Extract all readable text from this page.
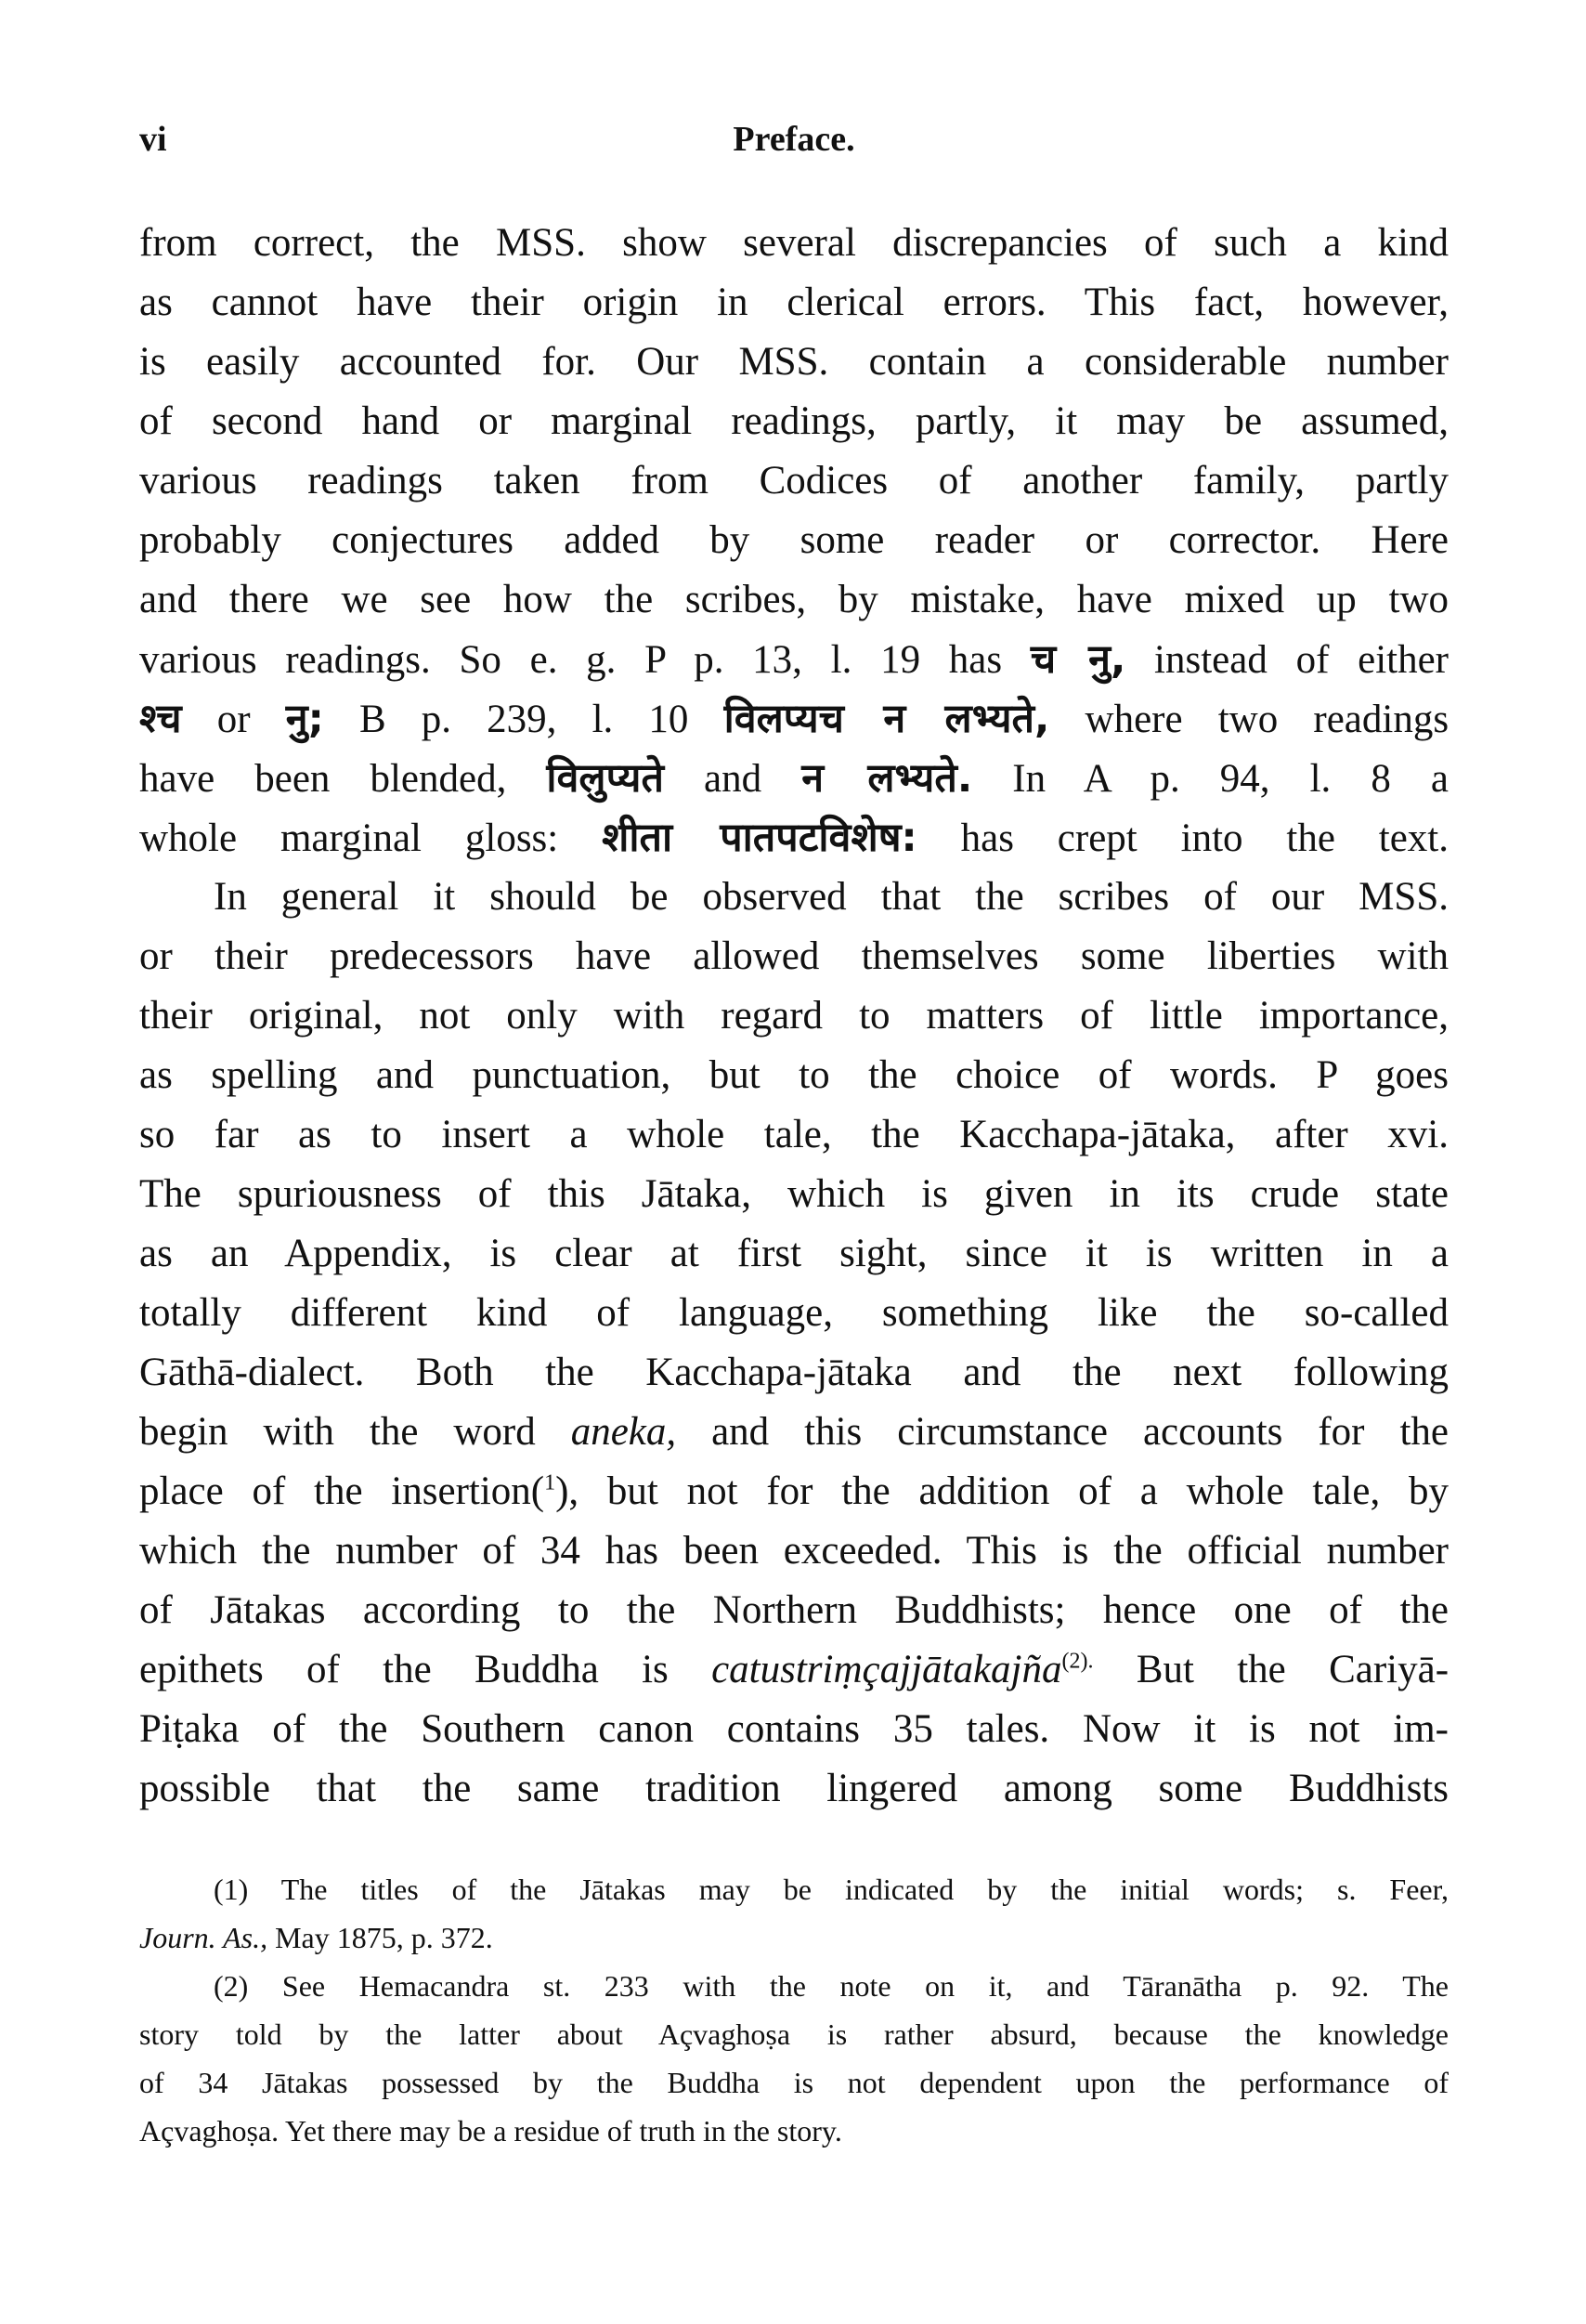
vi	Preface.
from correct, the MSS. show several discrepancies of such a kind
as cannot have their origin in clerical errors. This fact, however,
is easily accounted for. Our MSS. contain a considerable number
of second hand or marginal readings, partly, it may be assumed,
various readings taken from Codices of another family, partly
probably conjectures added by some reader or corrector. Here
and there we see how the scribes, by mistake, have mixed up two
various readings. So e. g. P p. 13, l. 19 has च नु, instead of either
श्च or नु; B p. 239, l. 10 विलप्यच न लभ्यते, where two readings
have been blended, विलुप्यते and न लभ्यते. In A p. 94, l. 8 a
whole marginal gloss: शीता पातपटविशेष: has crept into the text.
In general it should be observed that the scribes of our MSS.
or their predecessors have allowed themselves some liberties with
their original, not only with regard to matters of little importance,
as spelling and punctuation, but to the choice of words. P goes
so far as to insert a whole tale, the Kacchapa-jātaka, after xvi.
The spuriousness of this Jātaka, which is given in its crude state
as an Appendix, is clear at first sight, since it is written in a
totally different kind of language, something like the so-called
Gāthā-dialect. Both the Kacchapa-jātaka and the next following
begin with the word aneka, and this circumstance accounts for the
place of the insertion($^1$), but not for the addition of a whole tale, by
which the number of 34 has been exceeded. This is the official number
of Jātakas according to the Northern Buddhists; hence one of the
epithets of the Buddha is catustriṃçajjātakajña$^{(2).}$ But the Cariyā-
Piṭaka of the Southern canon contains 35 tales. Now it is not im-
possible that the same tradition lingered among some Buddhists
(1) The titles of the Jātakas may be indicated by the initial words; s. Feer,
Journ. As., May 1875, p. 372.
(2) See Hemacandra st. 233 with the note on it, and Tāranātha p. 92. The
story told by the latter about Açvaghoṣa is rather absurd, because the knowledge
of 34 Jātakas possessed by the Buddha is not dependent upon the performance of
Açvaghoṣa. Yet there may be a residue of truth in the story.
